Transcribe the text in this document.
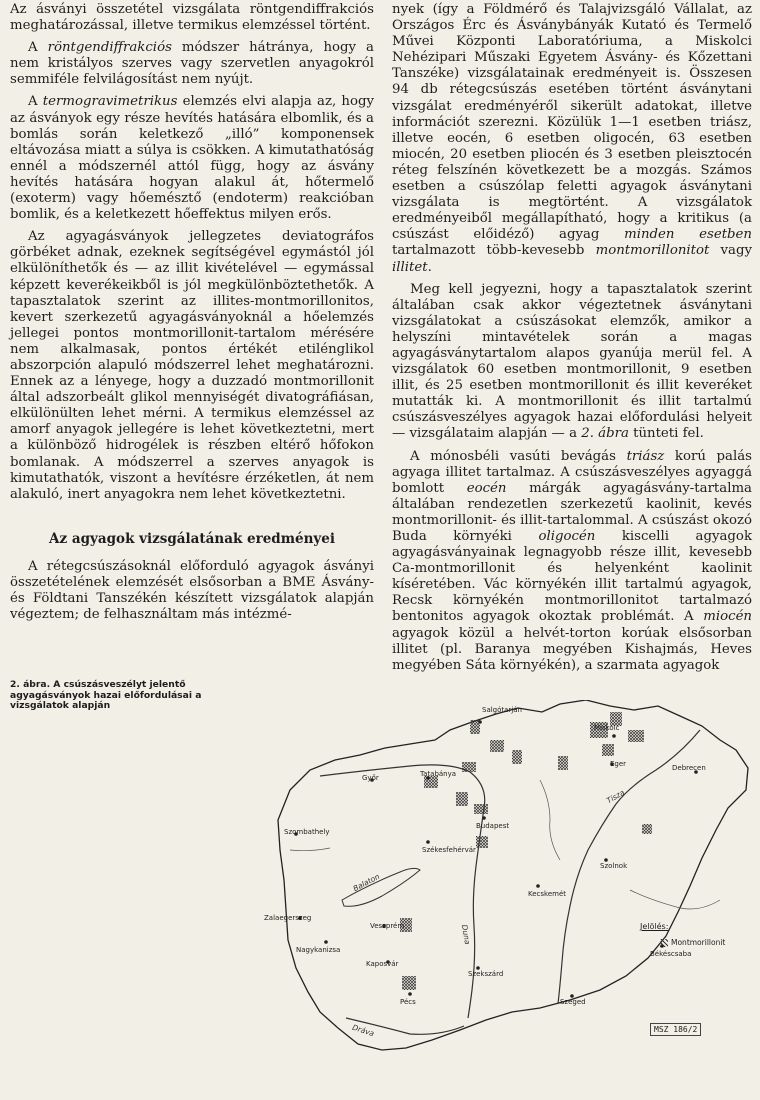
Az ásványi összetétel vizsgálata röntgendiffrakciós meghatározással, illetve termikus elemzéssel történt.

A röntgendiffrakciós módszer hátránya, hogy a nem kristályos szerves vagy szervetlen anyagokról semmiféle felvilágosítást nem nyújt.

A termogravimetrikus elemzés elvi alapja az, hogy az ásványok egy része hevítés hatására elbomlik, és a bomlás során keletkező „illó” komponensek eltávozása miatt a súlya is csökken. A kimutathatóság ennél a módszernél attól függ, hogy az ásvány hevítés hatására hogyan alakul át, hőtermelő (exoterm) vagy hőemésztő (endoterm) reakcióban bomlik, és a keletkezett hőeffektus milyen erős.

Az agyagásványok jellegzetes deviatográfos görbéket adnak, ezeknek segítségével egymástól jól elkülöníthetők és — az illit kivételével — egymással képzett keverékeikből is jól megkülönböztethetők. A tapasztalatok szerint az illites-montmorillonitos, kevert szerkezetű agyagásványoknál a hőelemzés jellegei pontos montmorillonit-tartalom mérésére nem alkalmasak, pontos értékét etilénglikol abszorpción alapuló módszerrel lehet meghatározni. Ennek az a lényege, hogy a duzzadó montmorillonit által adszorbeált glikol mennyiségét divatográfiásan, elkülönülten lehet mérni. A termikus elemzéssel az amorf anyagok jellegére is lehet következtetni, mert a különböző hidrogélek is részben eltérő hőfokon bomlanak. A módszerrel a szerves anyagok is kimutathatók, viszont a hevítésre érzéketlen, át nem alakuló, inert anyagokra nem lehet következtetni.

Az agyagok vizsgálatának eredményei

A rétegcsúszásoknál előforduló agyagok ásványi összetételének elemzését elsősorban a BME Ásvány- és Földtani Tanszékén készített vizsgálatok alapján végeztem; de felhasználtam más intézmé-

nyek (így a Földmérő és Talajvizsgáló Vállalat, az Országos Érc és Ásványbányák Kutató és Termelő Művei Központi Laboratóriuma, a Miskolci Nehézipari Műszaki Egyetem Ásvány- és Kőzettani Tanszéke) vizsgálatainak eredményeit is. Összesen 94 db rétegcsúszás esetében történt ásványtani vizsgálat eredményéről sikerült adatokat, illetve információt szerezni. Közülük 1—1 esetben triász, illetve eocén, 6 esetben oligocén, 63 esetben miocén, 20 esetben pliocén és 3 esetben pleisztocén réteg felszínén következett be a mozgás. Számos esetben a csúszólap feletti agyagok ásványtani vizsgálata is megtörtént. A vizsgálatok eredményeiből megállapítható, hogy a kritikus (a csúszást előidéző) agyag minden esetben tartalmazott több-kevesebb montmorillonitot vagy illitet.

Meg kell jegyezni, hogy a tapasztalatok szerint általában csak akkor végeztetnek ásványtani vizsgálatokat a csúszásokat elemzők, amikor a helyszíni mintavételek során a magas agyagásványtartalom alapos gyanúja merül fel. A vizsgálatok 60 esetben montmorillonit, 9 esetben illit, és 25 esetben montmorillonit és illit keveréket mutatták ki. A montmorillonit és illit tartalmú csúszásveszélyes agyagok hazai előfordulási helyeit — vizsgálataim alapján — a 2. ábra tünteti fel.

A mónosbéli vasúti bevágás triász korú palás agyaga illitet tartalmaz. A csúszásveszélyes agyaggá bomlott eocén márgák agyagásvány-tartalma általában rendezetlen szerkezetű kaolinit, kevés montmorillonit- és illit-tartalommal. A csúszást okozó Buda környéki oligocén kiscelli agyagok agyagásványainak legnagyobb része illit, kevesebb Ca-montmorillonit és helyenként kaolinit kíséretében. Vác környékén illit tartalmú agyagok, Recsk környékén montmorillonitot tartalmazó bentonitos agyagok okoztak problémát. A miocén agyagok közül a helvét-torton korúak elsősorban illitet (pl. Baranya megyében Kishajmás, Heves megyében Sáta környékén), a szarmata agyagok

2. ábra. A csúszásveszélyt jelentő agyagásványok hazai előfordulásai a vizsgálatok alapján
Győr	Tatabánya
Salgótarján
Miskolc
Eger	Debrecen
Szombathely
Budapest
Székesfehérvár
Szolnok
Kecskemét
Zalaegerszeg
Veszprém
Nagykanizsa
Kaposvár
Szekszárd
Pécs	Szeged
Békéscsaba
Balaton
Duna
Tisza
Dráva
Jelölés:
Montmorillonit
MSZ 186/2
